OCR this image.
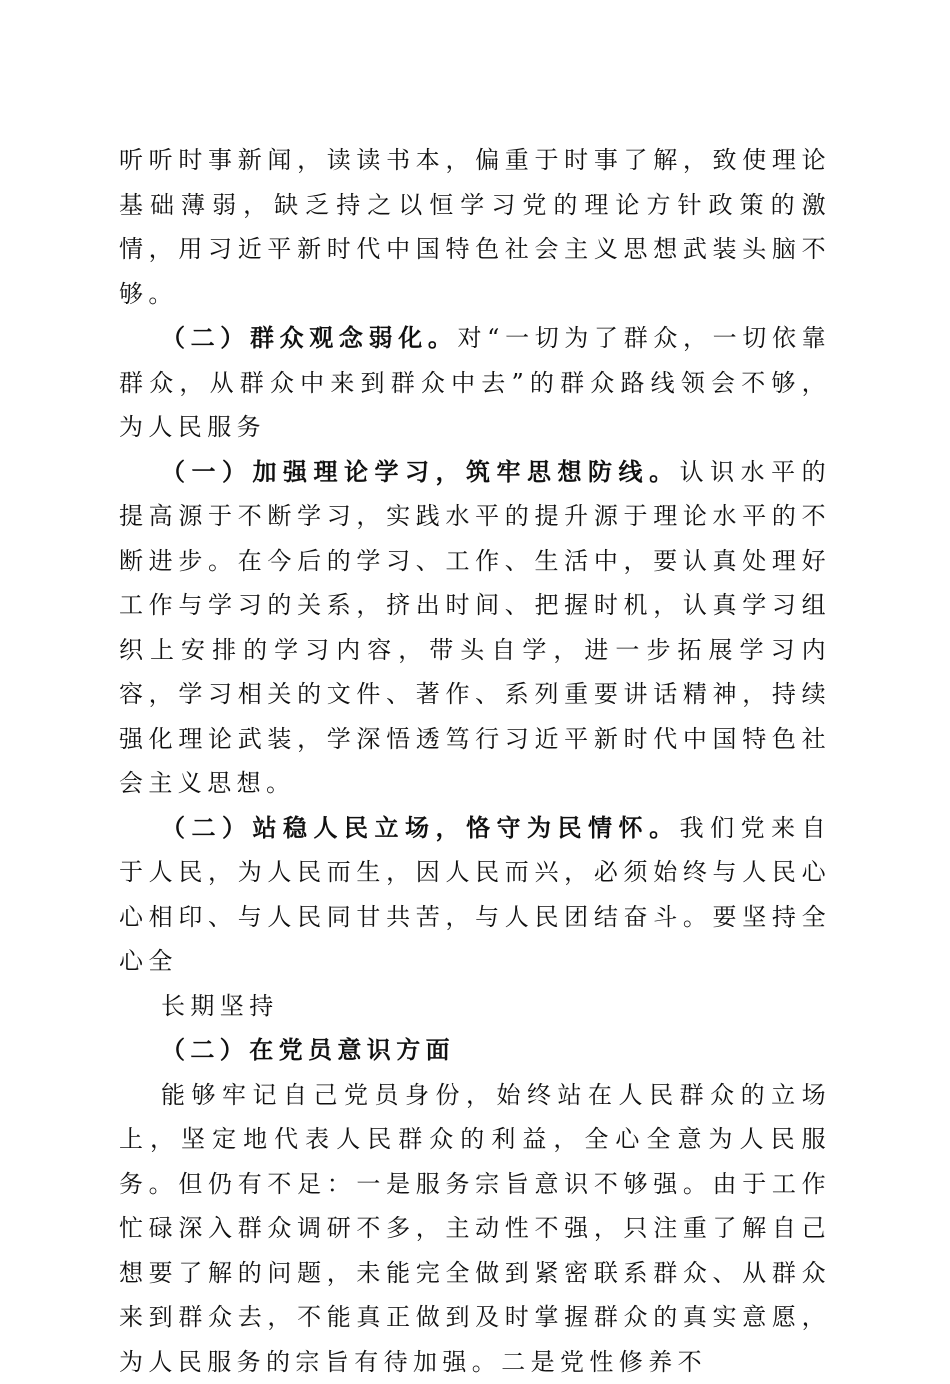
听听时事新闻，读读书本，偏重于时事了解，致使理论基础薄弱，缺乏持之以恒学习党的理论方针政策的激情，用习近平新时代中国特色社会主义思想武装头脑不够。

（二）群众观念弱化。对“一切为了群众，一切依靠群众，从群众中来到群众中去”的群众路线领会不够，为人民服务

（一）加强理论学习，筑牢思想防线。认识水平的提高源于不断学习，实践水平的提升源于理论水平的不断进步。在今后的学习、工作、生活中，要认真处理好工作与学习的关系，挤出时间、把握时机，认真学习组织上安排的学习内容，带头自学，进一步拓展学习内容，学习相关的文件、著作、系列重要讲话精神，持续强化理论武装，学深悟透笃行习近平新时代中国特色社会主义思想。

（二）站稳人民立场，恪守为民情怀。我们党来自于人民，为人民而生，因人民而兴，必须始终与人民心心相印、与人民同甘共苦，与人民团结奋斗。要坚持全心全

长期坚持

（二）在党员意识方面

能够牢记自己党员身份，始终站在人民群众的立场上，坚定地代表人民群众的利益，全心全意为人民服务。但仍有不足：一是服务宗旨意识不够强。由于工作忙碌深入群众调研不多，主动性不强，只注重了解自己想要了解的问题，未能完全做到紧密联系群众、从群众来到群众去，不能真正做到及时掌握群众的真实意愿，为人民服务的宗旨有待加强。二是党性修养不
